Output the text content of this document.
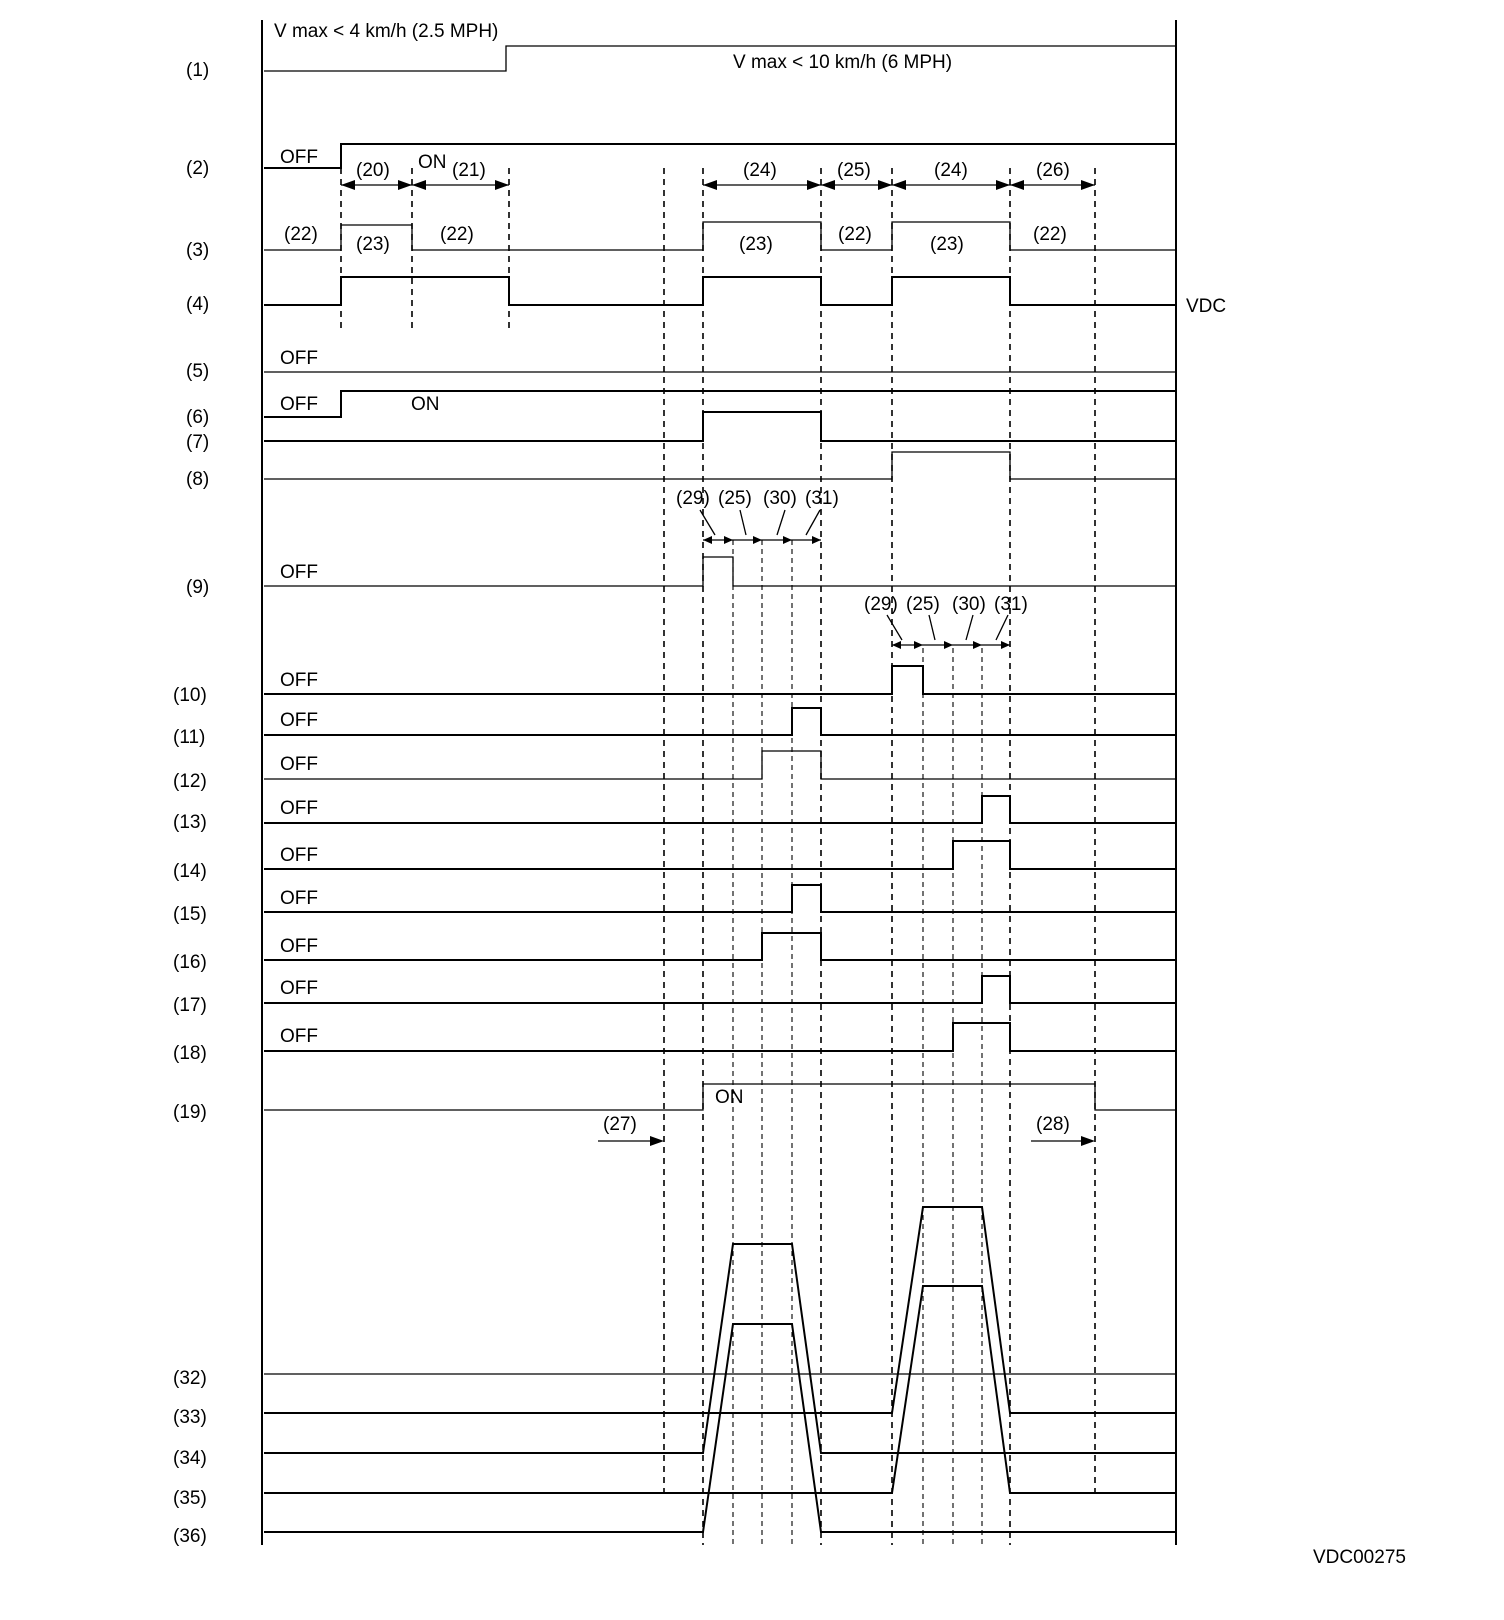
(1)
(2)
(3)
(4)
(5)
(6)
(7)
(8)
(9)
(10)
(11)
(12)
(13)
(14)
(15)
(16)
(17)
(18)
(19)
(32)
(33)
(34)
(35)
(36)
V max < 4 km/h (2.5 MPH)
V max < 10 km/h (6 MPH)
OFF	ON
(20)	(21)	(24)	(25)	(24)	(26)
(22) (23)	(22)	(23)	(22)	(23)	(22)
VDC
OFF
OFF	ON
(29) (25) (30) (31)
OFF
(29) (25) (30) (31)
OFF
OFF
OFF
OFF
OFF
OFF
OFF
OFF
OFF
ON
(27)	(28)
VDC00275
